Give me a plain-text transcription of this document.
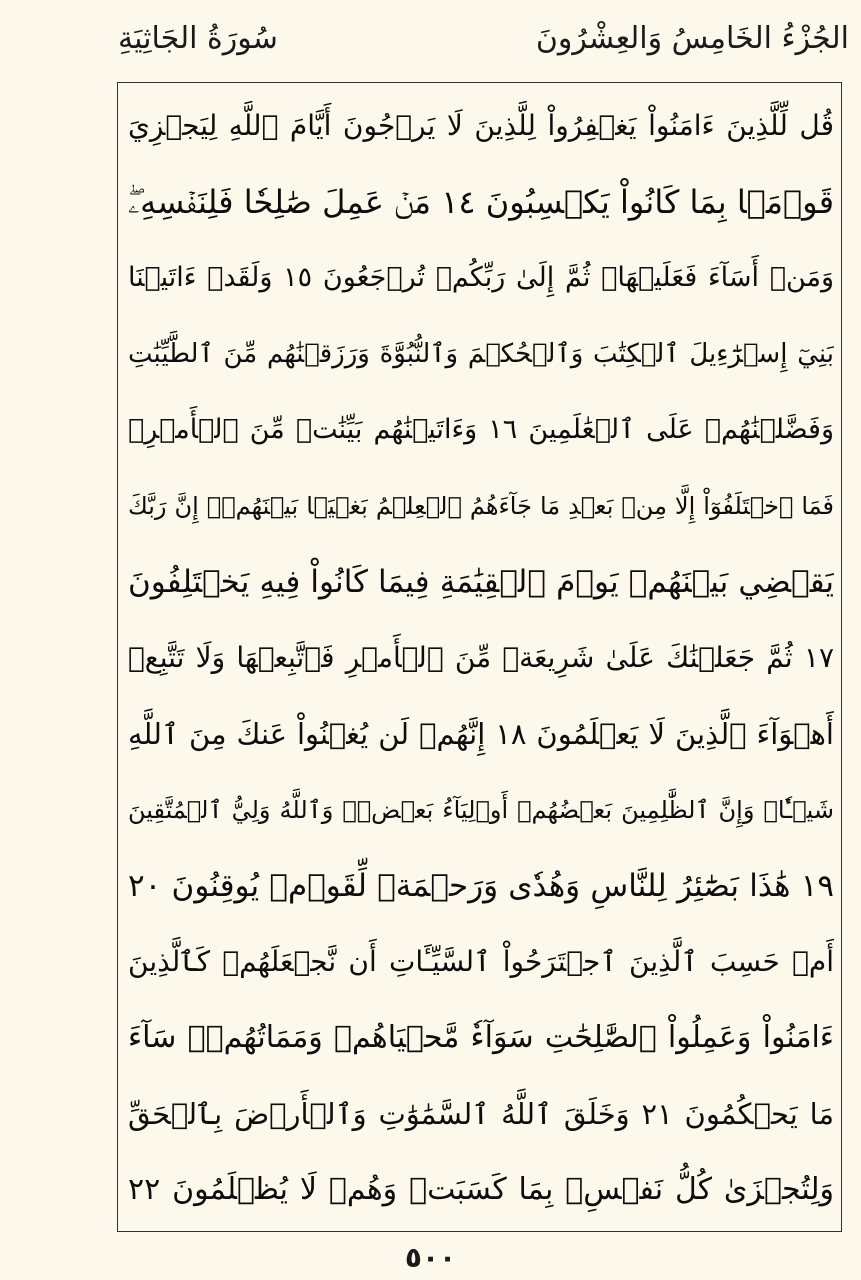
الجُزْءُ الخَامِسُ وَالعِشْرُونَ
سُورَةُ الجَاثِيَةِ
قُل لِّلَّذِينَ ءَامَنُواْ يَغۡفِرُواْ لِلَّذِينَ لَا يَرۡجُونَ أَيَّامَ ٱللَّهِ لِيَجۡزِيَ
قَوۡمَۢا بِمَا كَانُواْ يَكۡسِبُونَ ١٤ مَنۡ عَمِلَ صَٰلِحٗا فَلِنَفۡسِهِۦۖ
وَمَنۡ أَسَآءَ فَعَلَيۡهَاۖ ثُمَّ إِلَىٰ رَبِّكُمۡ تُرۡجَعُونَ ١٥ وَلَقَدۡ ءَاتَيۡنَا
بَنِيٓ إِسۡرَٰٓءِيلَ ٱلۡكِتَٰبَ وَٱلۡحُكۡمَ وَٱلنُّبُوَّةَ وَرَزَقۡنَٰهُم مِّنَ ٱلطَّيِّبَٰتِ
وَفَضَّلۡنَٰهُمۡ عَلَى ٱلۡعَٰلَمِينَ ١٦ وَءَاتَيۡنَٰهُم بَيِّنَٰتٖ مِّنَ ٱلۡأَمۡرِۖ
فَمَا ٱخۡتَلَفُوٓاْ إِلَّا مِنۢ بَعۡدِ مَا جَآءَهُمُ ٱلۡعِلۡمُ بَغۡيَۢا بَيۡنَهُمۡۚ إِنَّ رَبَّكَ
يَقۡضِي بَيۡنَهُمۡ يَوۡمَ ٱلۡقِيَٰمَةِ فِيمَا كَانُواْ فِيهِ يَخۡتَلِفُونَ
١٧ ثُمَّ جَعَلۡنَٰكَ عَلَىٰ شَرِيعَةٖ مِّنَ ٱلۡأَمۡرِ فَٱتَّبِعۡهَا وَلَا تَتَّبِعۡ
أَهۡوَآءَ ٱلَّذِينَ لَا يَعۡلَمُونَ ١٨ إِنَّهُمۡ لَن يُغۡنُواْ عَنكَ مِنَ ٱللَّهِ
شَيۡـٔٗاۚ وَإِنَّ ٱلظَّٰلِمِينَ بَعۡضُهُمۡ أَوۡلِيَآءُ بَعۡضٖۖ وَٱللَّهُ وَلِيُّ ٱلۡمُتَّقِينَ
١٩ هَٰذَا بَصَٰٓئِرُ لِلنَّاسِ وَهُدٗى وَرَحۡمَةٞ لِّقَوۡمٖ يُوقِنُونَ ٢٠
أَمۡ حَسِبَ ٱلَّذِينَ ٱجۡتَرَحُواْ ٱلسَّيِّـَٔاتِ أَن نَّجۡعَلَهُمۡ كَٱلَّذِينَ
ءَامَنُواْ وَعَمِلُواْ ٱلصَّٰلِحَٰتِ سَوَآءٗ مَّحۡيَاهُمۡ وَمَمَاتُهُمۡۚ سَآءَ
مَا يَحۡكُمُونَ ٢١ وَخَلَقَ ٱللَّهُ ٱلسَّمَٰوَٰتِ وَٱلۡأَرۡضَ بِٱلۡحَقِّ
وَلِتُجۡزَىٰ كُلُّ نَفۡسِۢ بِمَا كَسَبَتۡ وَهُمۡ لَا يُظۡلَمُونَ ٢٢
٥٠٠
